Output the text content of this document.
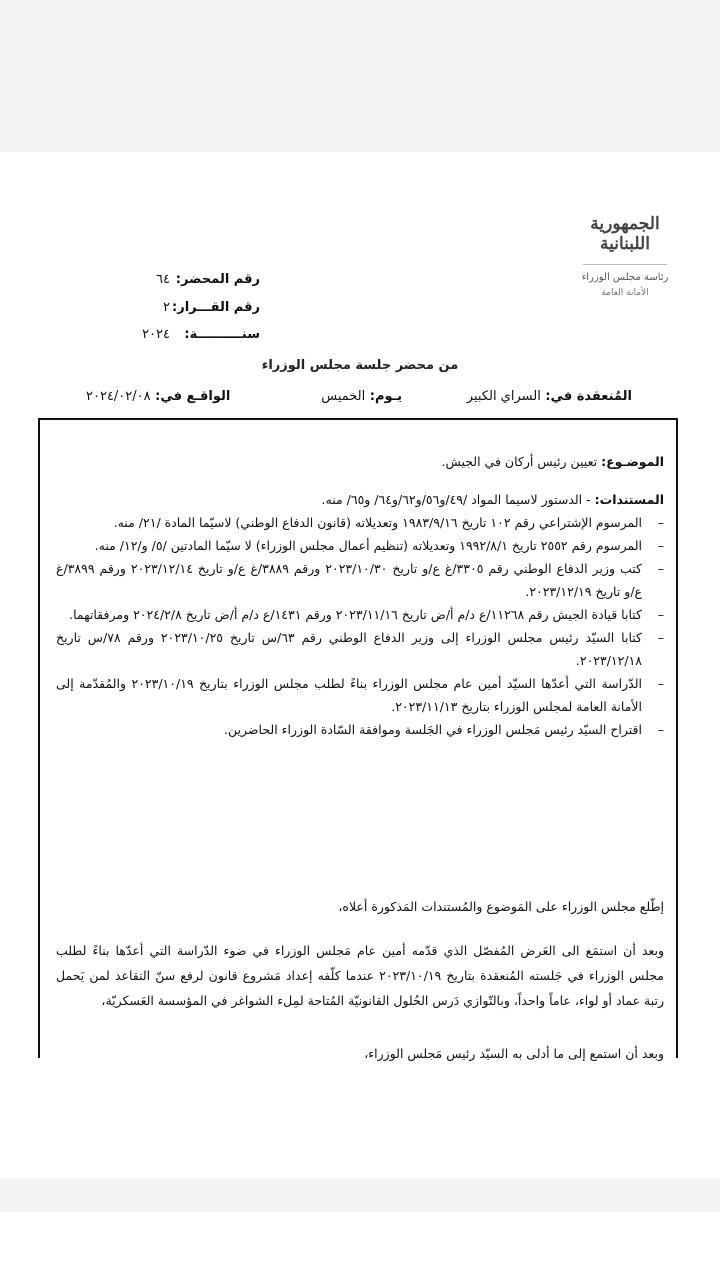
الجمهورية اللبنانية
رئاسة مجلس الوزراء
الأمانة العامة
رقم المحضر:٦٤
رقم القـــرار:٢
سنــــــــــة:٢٠٢٤
من محضر جلسة مجلس الوزراء
المُنعقدة في: السراي الكبير
يـوم: الخميس
الواقـع في: ٢٠٢٤/٠٢/٠٨
الموضـوع: تعيين رئيس أركان في الجيش.
المستندات: - الدستور لاسيما المواد /٤٩/و٥٦/و٦٢/و٦٤/ و٦٥/ منه.
–
المرسوم الإشتراعي رقم ١٠٢ تاريخ ١٩٨٣/٩/١٦ وتعديلاته (قانون الدفاع الوطني) لاسيّما المادة /٢١/ منه.
–
المرسوم رقم ٢٥٥٢ تاريخ ١٩٩٢/٨/١ وتعديلاته (تنظيم أعمال مجلس الوزراء) لا سيّما المادتين /٥/ و/١٢/ منه.
–
كتب وزير الدفاع الوطني رقم ٣٣٠٥/غ ع/و تاريخ ٢٠٢٣/١٠/٣٠ ورقم ٣٨٨٩/غ ع/و تاريخ ٢٠٢٣/١٢/١٤ ورقم ٣٨٩٩/غ ع/و تاريخ ٢٠٢٣/١٢/١٩.
–
كتابا قيادة الجيش رقم ١١٢٦٨/ع د/م أ/ض تاريخ ٢٠٢٣/١١/١٦ ورقم ١٤٣١/ع د/م أ/ض تاريخ ٢٠٢٤/٢/٨ ومرفقاتهما.
–
كتابا السيّد رئيس مجلس الوزراء إلى وزير الدفاع الوطني رقم ٦٣/س تاريخ ٢٠٢٣/١٠/٢٥ ورقم ٧٨/س تاريخ ٢٠٢٣/١٢/١٨.
–
الدّراسة التي أعدّها السيّد أمين عام مجلس الوزراء بناءً لطلب مجلس الوزراء بتاريخ ٢٠٢٣/١٠/١٩ والمُقدّمة إلى الأمانة العامة لمجلس الوزراء بتاريخ ٢٠٢٣/١١/١٣.
–
اقتراح السيّد رئيس مَجلس الوزراء في الجَلسة وموافقة السّادة الوزراء الحاضرين.
إطّلع مجلس الوزراء على المَوضوع والمُستندات المَذكورة أعلاه،
وبعد أن استمَع الى العَرض المُفصّل الذي قدّمه أمين عام مَجلس الوزراء في ضوء الدّراسة التي أعدّها بناءً لطلب مجلس الوزراء في جَلسته المُنعقدة بتاريخ ٢٠٢٣/١٠/١٩ عندما كلّفه إعداد مَشروع قانون لرفع سنّ التقاعد لمن يَحمل رتبة عماد أو لواء، عاماً واحداً، وبالتّوازي دَرس الحُلول القانونيّة المُتاحة لمِلء الشواغر في المؤسسة العَسكريّة،
وبعد أن استمع إلى ما أدلى به السيّد رئيس مَجلس الوزراء،
